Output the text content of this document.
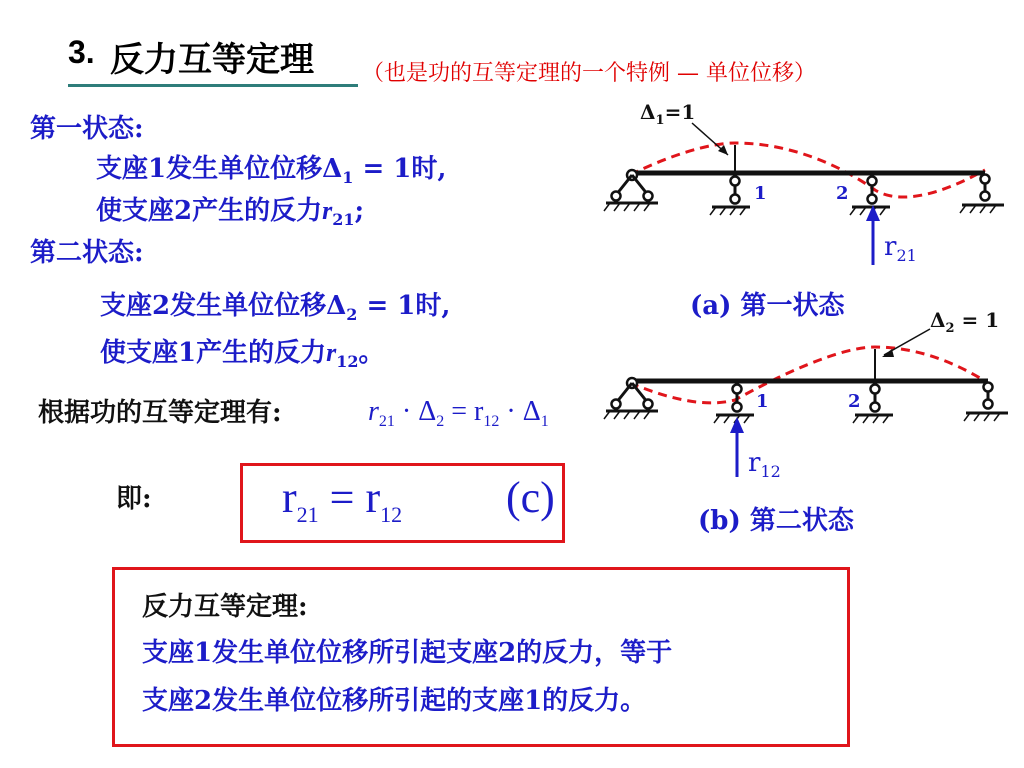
3. 反力互等定理 （也是功的互等定理的一个特例 — 单位位移）
第一状态:
支座1发生单位位移$\Delta_1 = 1$时,
使支座2产生的反力$r_{21}$;
第二状态:
支座2发生单位位移$\Delta_2 = 1$时,
使支座1产生的反力$r_{12}$。
根据功的互等定理有:	$r_{21} \cdot \Delta_2 = r_{12} \cdot \Delta_1$
即:	$r_{21} = r_{12}$ (c)
反力互等定理:
支座1发生单位位移所引起支座2的反力，等于
支座2发生单位位移所引起的支座1的反力。
$\Delta_1=1$
1	2
$r_{21}$
(a) 第一状态	$\Delta_2 = 1$
1	2
$r_{12}$
(b) 第二状态
